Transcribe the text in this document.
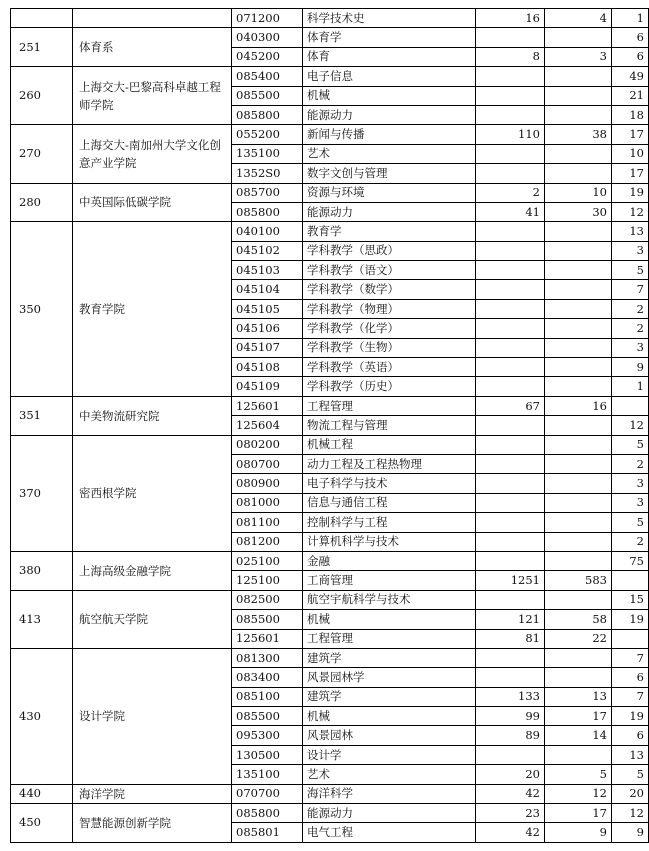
		071200	科学技术史	16	4	1
251	体育系	040300	体育学			6
		045200	体育	8	3	6
260	上海交大-巴黎高科卓越工程师学院	085400	电子信息			49
		085500	机械			21
		085800	能源动力			18
270	上海交大-南加州大学文化创意产业学院	055200	新闻与传播	110	38	17
		135100	艺术			10
		1352S0	数字文创与管理			17
280	中英国际低碳学院	085700	资源与环境	2	10	19
		085800	能源动力	41	30	12
350	教育学院	040100	教育学			13
		045102	学科教学（思政）			3
		045103	学科教学（语文）			5
		045104	学科教学（数学）			7
		045105	学科教学（物理）			2
		045106	学科教学（化学）			2
		045107	学科教学（生物）			3
		045108	学科教学（英语）			9
		045109	学科教学（历史）			1
351	中美物流研究院	125601	工程管理	67	16	
		125604	物流工程与管理			12
370	密西根学院	080200	机械工程			5
		080700	动力工程及工程热物理			2
		080900	电子科学与技术			3
		081000	信息与通信工程			3
		081100	控制科学与工程			5
		081200	计算机科学与技术			2
380	上海高级金融学院	025100	金融			75
		125100	工商管理	1251	583	
413	航空航天学院	082500	航空宇航科学与技术			15
		085500	机械	121	58	19
		125601	工程管理	81	22	
430	设计学院	081300	建筑学			7
		083400	风景园林学			6
		085100	建筑学	133	13	7
		085500	机械	99	17	19
		095300	风景园林	89	14	6
		130500	设计学			13
		135100	艺术	20	5	5
440	海洋学院	070700	海洋科学	42	12	20
450	智慧能源创新学院	085800	能源动力	23	17	12
		085801	电气工程	42	9	9
